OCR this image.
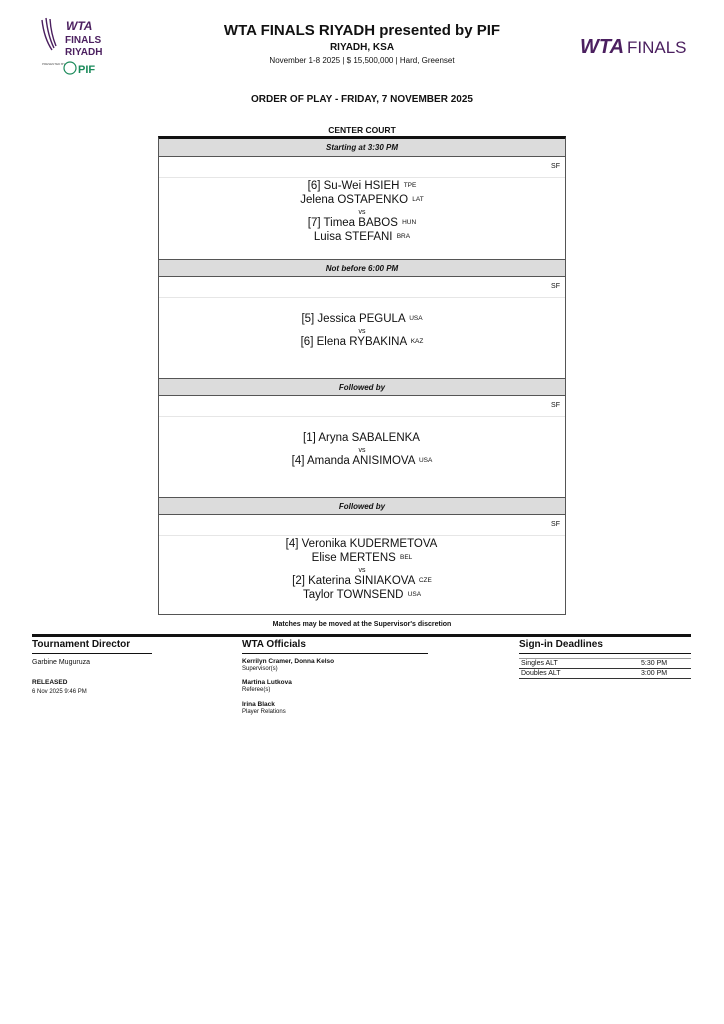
WTA
FINALS
RIYADH
PRESENTED BY PIF
WTA FINALS
WTA FINALS RIYADH presented by PIF
RIYADH, KSA
November 1-8 2025 | $ 15,500,000 | Hard, Greenset
ORDER OF PLAY - FRIDAY, 7 NOVEMBER 2025
CENTER COURT
Starting at 3:30 PM
SF
[6] Su-Wei HSIEH TPE
Jelena OSTAPENKO LAT
vs
[7] Timea BABOS HUN
Luisa STEFANI BRA
Not before 6:00 PM
SF
[5] Jessica PEGULA USA
vs
[6] Elena RYBAKINA KAZ
Followed by
SF
[1] Aryna SABALENKA
vs
[4] Amanda ANISIMOVA USA
Followed by
SF
[4] Veronika KUDERMETOVA
Elise MERTENS BEL
vs
[2] Katerina SINIAKOVA CZE
Taylor TOWNSEND USA
Matches may be moved at the Supervisor's discretion
Tournament Director
Garbine Muguruza
RELEASED
6 Nov 2025 9:46 PM
WTA Officials
Kerrilyn Cramer, Donna Kelso
Supervisor(s)
Martina Lutkova
Referee(s)
Irina Black
Player Relations
Sign-in Deadlines
Singles ALT	5:30 PM
Doubles ALT	3:00 PM
